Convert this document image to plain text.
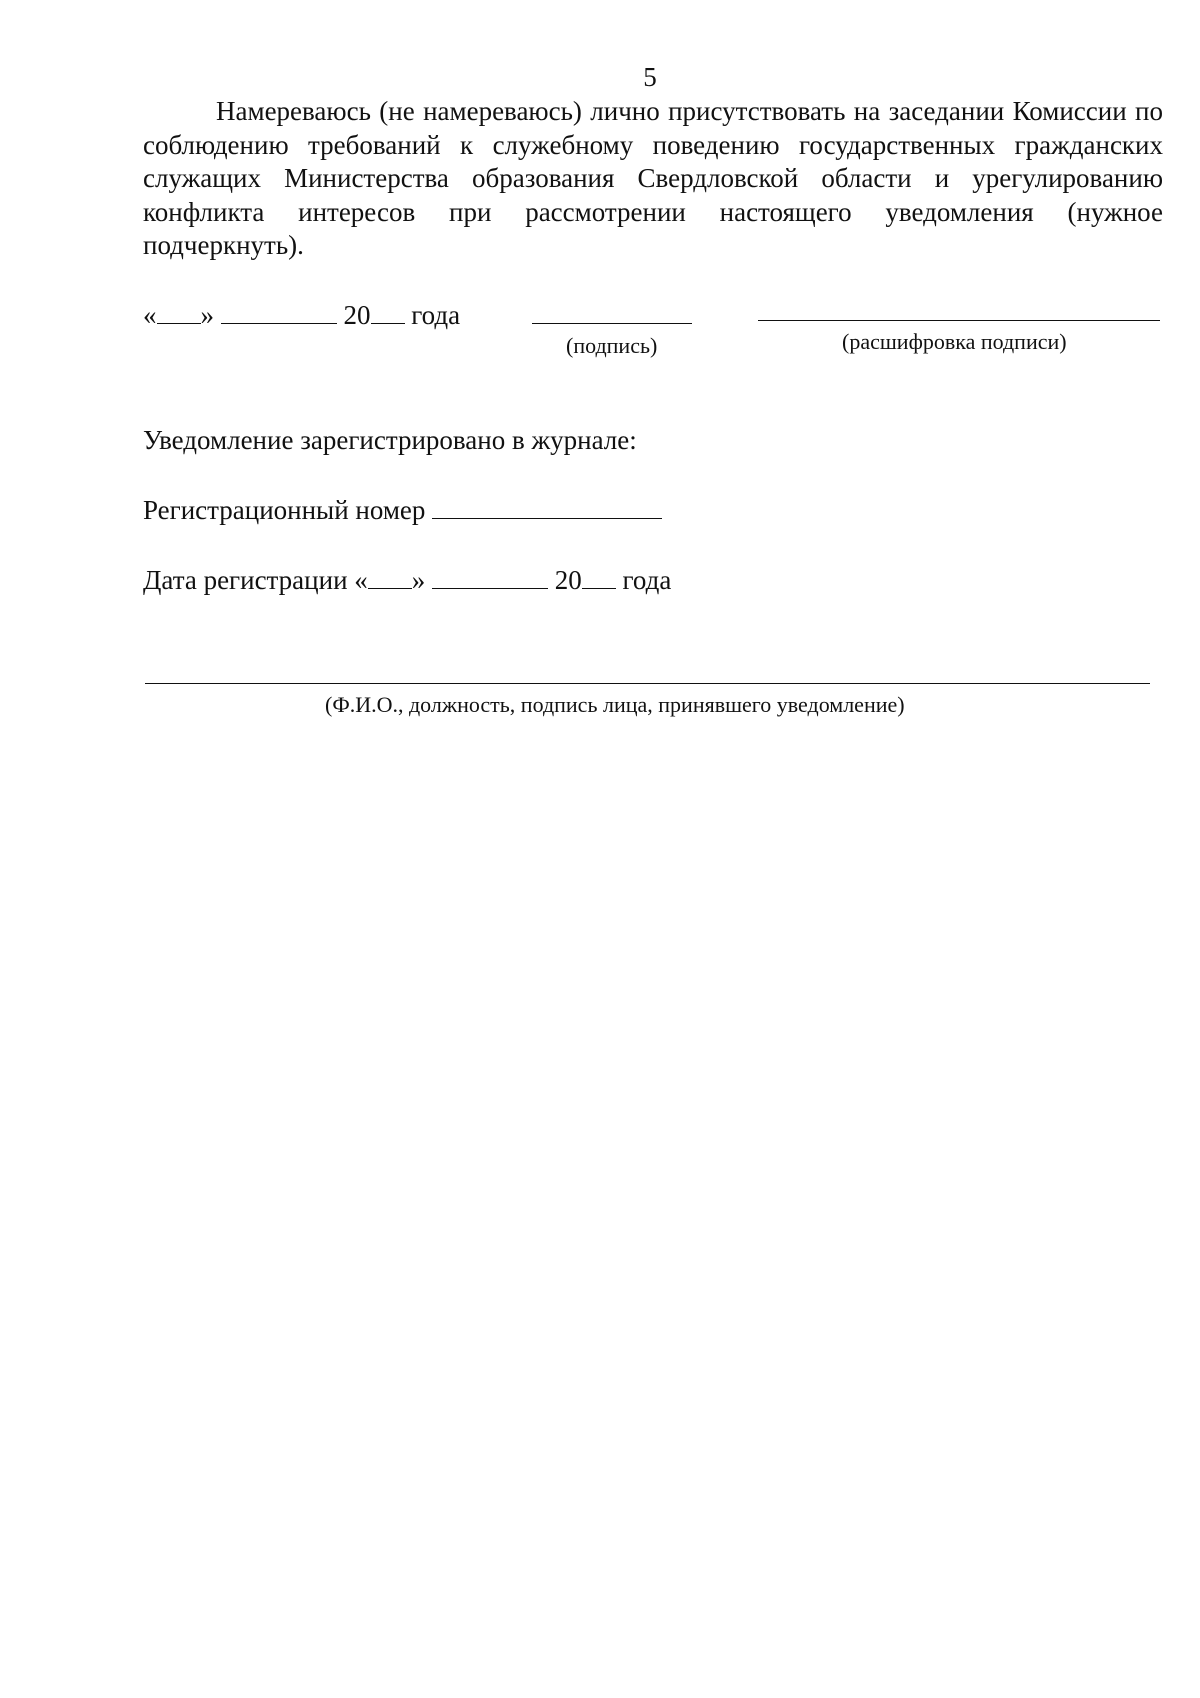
5

Намереваюсь (не намереваюсь) лично присутствовать на заседании Комиссии по соблюдению требований к служебному поведению государственных гражданских служащих Министерства образования Свердловской области и урегулированию конфликта интересов при рассмотрении настоящего уведомления (нужное подчеркнуть).

« »	20 года
(подпись)	(расшифровка подписи)
Уведомление зарегистрировано в журнале:
Регистрационный номер
Дата регистрации « »	20 года
(Ф.И.О., должность, подпись лица, принявшего уведомление)
